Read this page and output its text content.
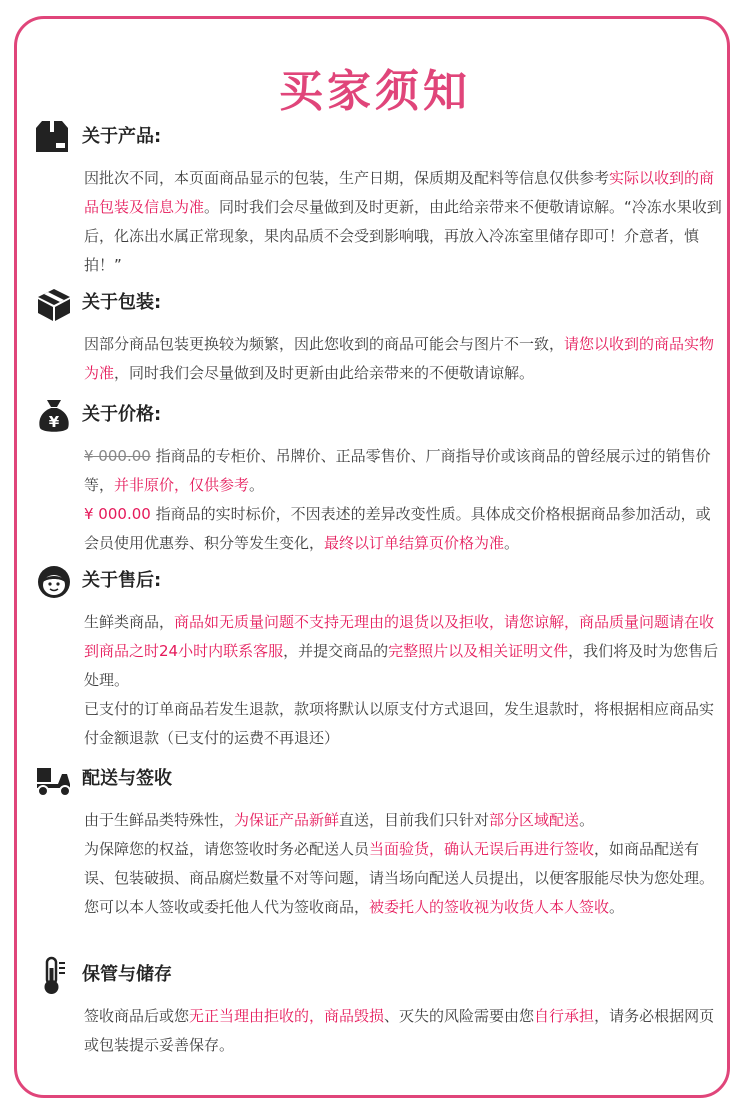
买家须知
关于产品:

因批次不同，本页面商品显示的包装，生产日期，保质期及配料等信息仅供参考实际以收到的商品包装及信息为准。同时我们会尽量做到及时更新，由此给亲带来不便敬请谅解。“冷冻水果收到后，化冻出水属正常现象，果肉品质不会受到影响哦，再放入冷冻室里储存即可！介意者，慎拍！”

关于包装:

因部分商品包装更换较为频繁，因此您收到的商品可能会与图片不一致，请您以收到的商品实物为准，同时我们会尽量做到及时更新由此给亲带来的不便敬请谅解。

¥ 关于价格:

¥ 000.00 指商品的专柜价、吊牌价、正品零售价、厂商指导价或该商品的曾经展示过的销售价等，并非原价，仅供参考。

¥ 000.00 指商品的实时标价，不因表述的差异改变性质。具体成交价格根据商品参加活动，或会员使用优惠券、积分等发生变化，最终以订单结算页价格为准。

关于售后:

生鲜类商品，商品如无质量问题不支持无理由的退货以及拒收，请您谅解，商品质量问题请在收到商品之时24小时内联系客服，并提交商品的完整照片以及相关证明文件，我们将及时为您售后处理。

已支付的订单商品若发生退款，款项将默认以原支付方式退回，发生退款时，将根据相应商品实付金额退款（已支付的运费不再退还）

配送与签收

由于生鲜品类特殊性，为保证产品新鲜直送，目前我们只针对部分区域配送。

为保障您的权益，请您签收时务必配送人员当面验货，确认无误后再进行签收，如商品配送有误、包装破损、商品腐烂数量不对等问题，请当场向配送人员提出，以便客服能尽快为您处理。

您可以本人签收或委托他人代为签收商品，被委托人的签收视为收货人本人签收。

保管与储存

签收商品后或您无正当理由拒收的，商品毁损、灭失的风险需要由您自行承担，请务必根据网页或包装提示妥善保存。
